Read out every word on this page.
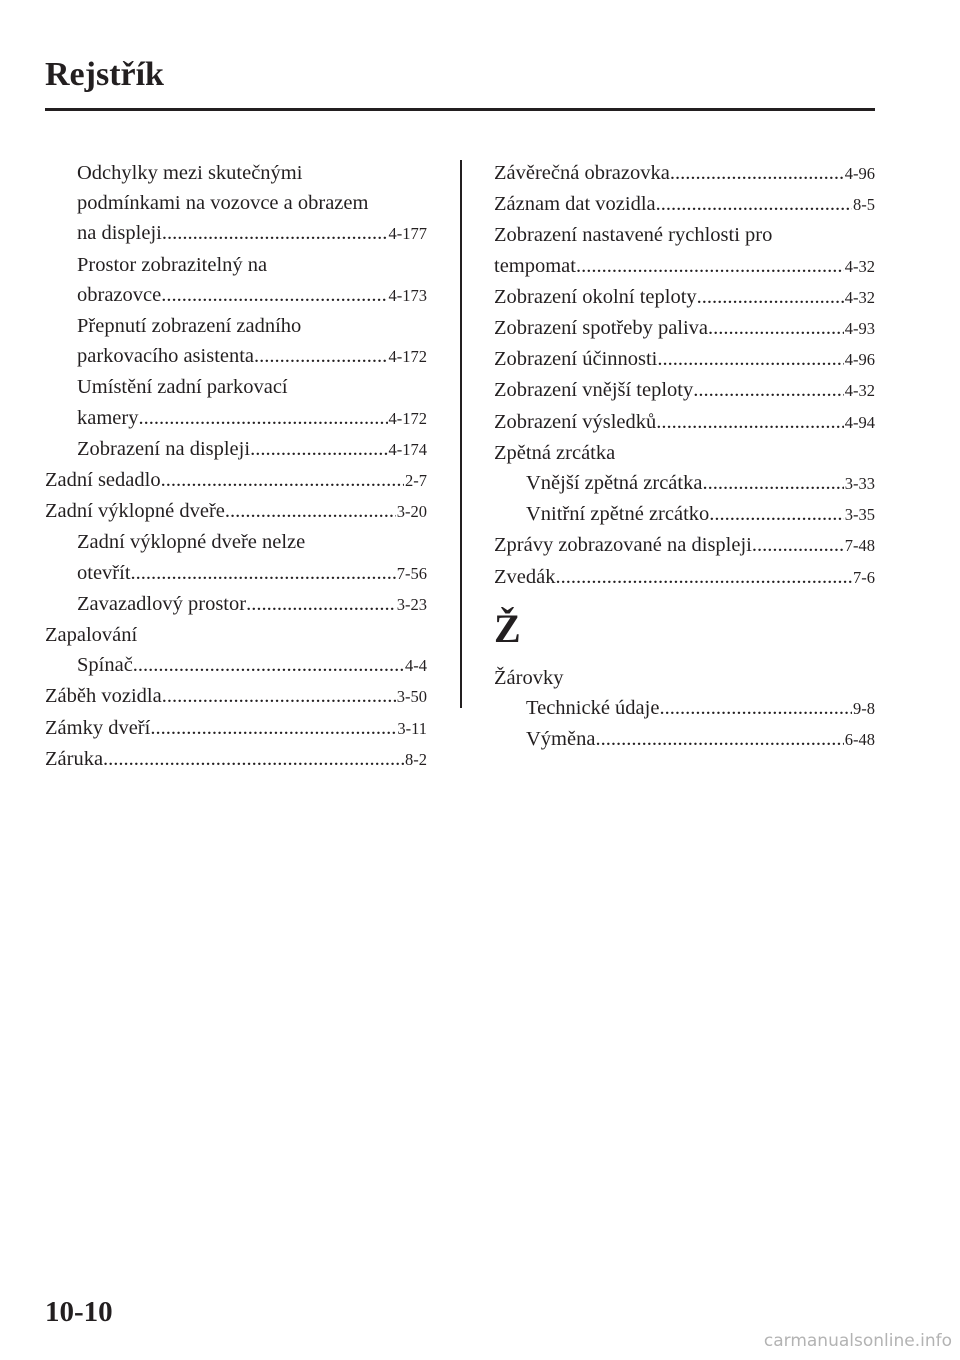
Rejstřík
Odchylky mezi skutečnými
podmínkami na vozovce a obrazem
na displeji .....	4-177
Prostor zobrazitelný na
obrazovce .....	4-173
Přepnutí zobrazení zadního
parkovacího asistenta .....	4-172
Umístění zadní parkovací
kamery .....	4-172
Zobrazení na displeji .....	4-174
Zadní sedadlo .....	2-7
Zadní výklopné dveře .....	3-20
Zadní výklopné dveře nelze
otevřít .....	7-56
Zavazadlový prostor .....	3-23
Zapalování
Spínač .....	4-4
Záběh vozidla .....	3-50
Zámky dveří .....	3-11
Záruka .....	8-2
Závěrečná obrazovka .....	4-96
Záznam dat vozidla .....	8-5
Zobrazení nastavené rychlosti pro
tempomat .....	4-32
Zobrazení okolní teploty .....	4-32
Zobrazení spotřeby paliva .....	4-93
Zobrazení účinnosti .....	4-96
Zobrazení vnější teploty .....	4-32
Zobrazení výsledků .....	4-94
Zpětná zrcátka
Vnější zpětná zrcátka .....	3-33
Vnitřní zpětné zrcátko .....	3-35
Zprávy zobrazované na displeji .....	7-48
Zvedák .....	7-6
Ž
Žárovky
Technické údaje .....	9-8
Výměna .....	6-48
10-10
carmanualsonline.info
